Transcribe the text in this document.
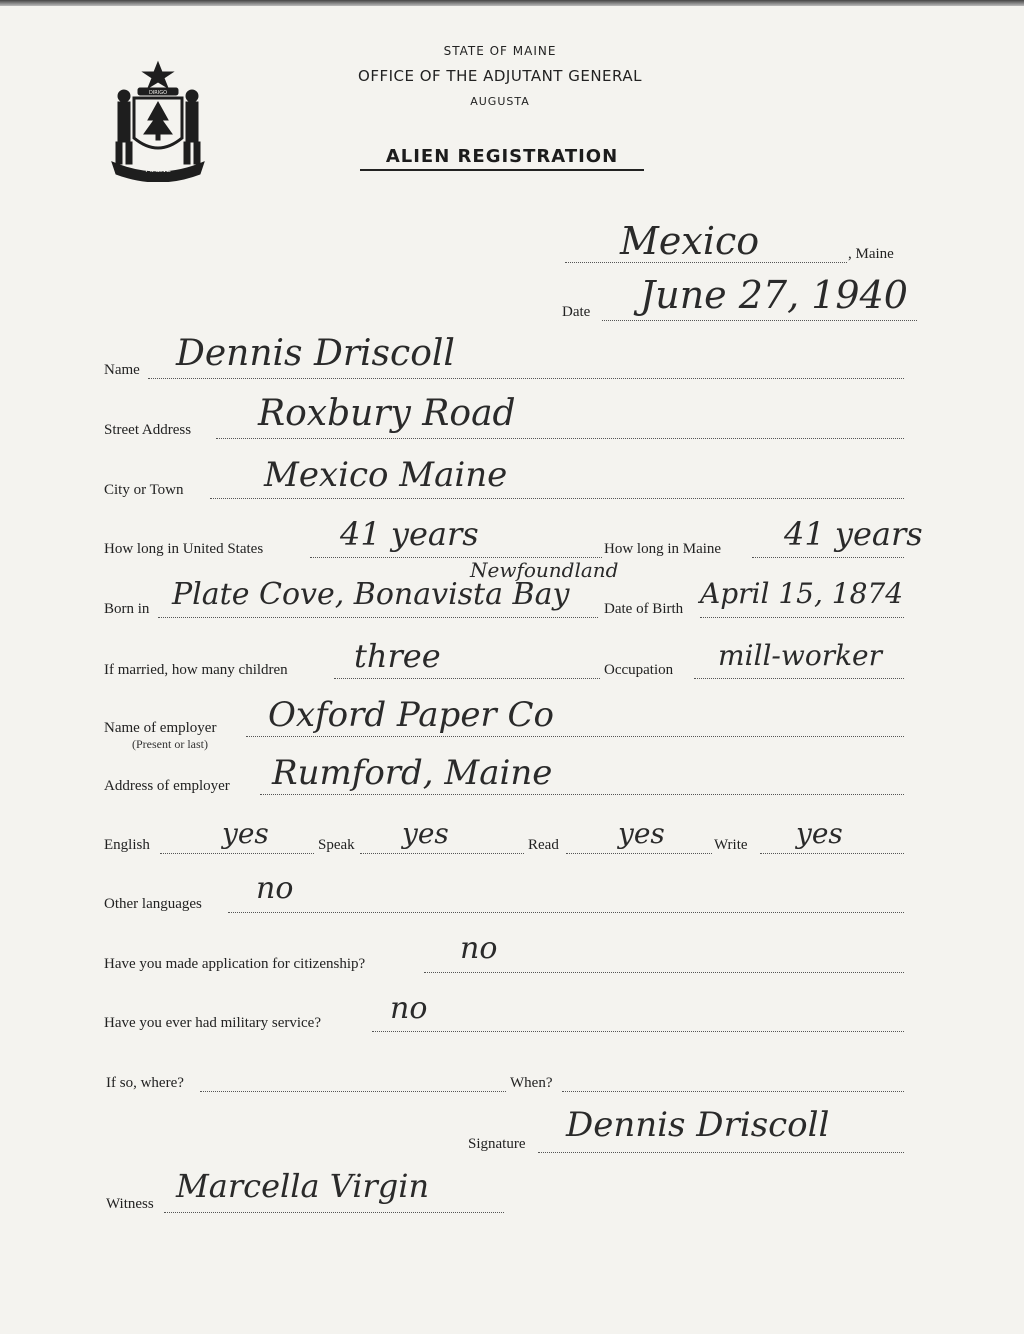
MAINE
DIRIGO
STATE OF MAINE
OFFICE OF THE ADJUTANT GENERAL
AUGUSTA
ALIEN REGISTRATION
, Maine
Mexico
Date June 27, 1940
Name Dennis Driscoll
Street Address Roxbury Road
City or Town Mexico Maine
How long in United States 41 years	How long in Maine 41 years
Born in
Newfoundland
Plate Cove, Bonavista Bay Date of Birth April 15, 1874
If married, how many children three	Occupation mill-worker
Name of employer
(Present or last)
Oxford Paper Co
Address of employer Rumford, Maine
English	yes	Speak yes	Read yes	Write yes
Other languages no
Have you made application for citizenship?	no
Have you ever had military service? no
If so, where?	When?
Signature Dennis Driscoll
Witness Marcella Virgin
